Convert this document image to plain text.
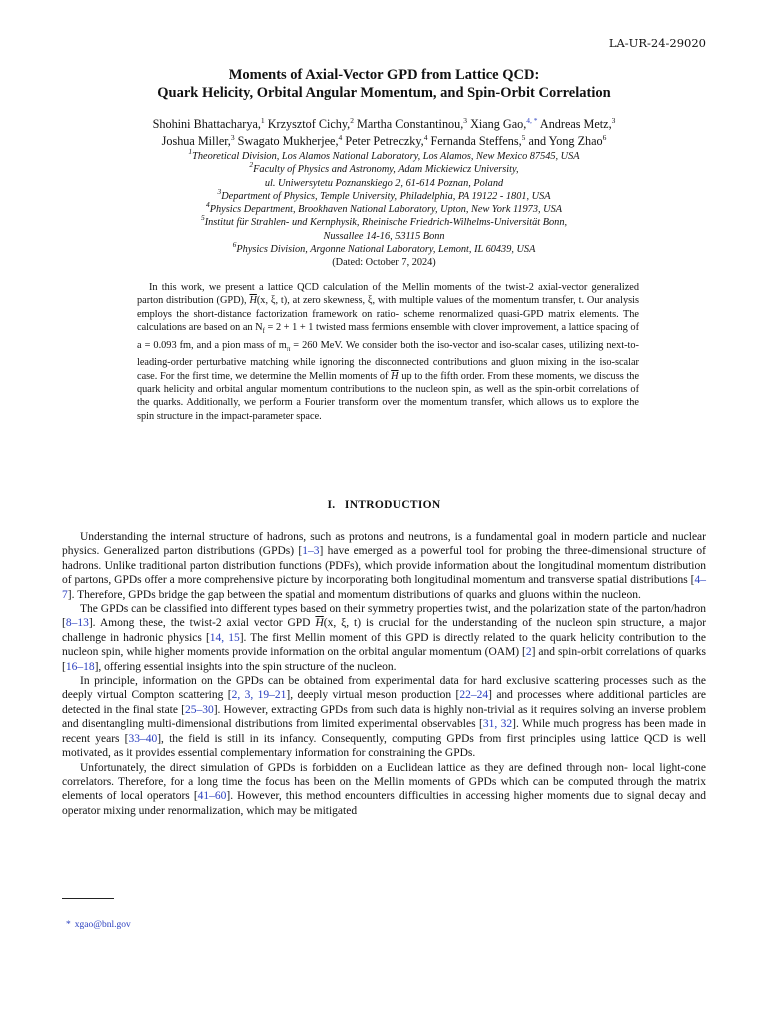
LA-UR-24-29020
Moments of Axial-Vector GPD from Lattice QCD:
Quark Helicity, Orbital Angular Momentum, and Spin-Orbit Correlation
Shohini Bhattacharya,$^1$ Krzysztof Cichy,$^2$ Martha Constantinou,$^3$ Xiang Gao,$^{4, *}$ Andreas Metz,$^3$
Joshua Miller,$^3$ Swagato Mukherjee,$^4$ Peter Petreczky,$^4$ Fernanda Steffens,$^5$ and Yong Zhao$^6$
$^1$Theoretical Division, Los Alamos National Laboratory, Los Alamos, New Mexico 87545, USA
$^2$Faculty of Physics and Astronomy, Adam Mickiewicz University,
ul. Uniwersytetu Poznanskiego 2, 61-614 Poznan, Poland
$^3$Department of Physics, Temple University, Philadelphia, PA 19122 - 1801, USA
$^4$Physics Department, Brookhaven National Laboratory, Upton, New York 11973, USA
$^5$Institut für Strahlen- und Kernphysik, Rheinische Friedrich-Wilhelms-Universität Bonn,
Nussallee 14-16, 53115 Bonn
$^6$Physics Division, Argonne National Laboratory, Lemont, IL 60439, USA
(Dated: October 7, 2024)

In this work, we present a lattice QCD calculation of the Mellin moments of the twist-2 axial-vector generalized parton distribution (GPD), $\overline{H}(x$, ξ, t), at zero skewness, ξ, with multiple values of the momentum transfer, t. Our analysis employs the short-distance factorization framework on ratio- scheme renormalized quasi-GPD matrix elements. The calculations are based on an $N_f = 2 + 1 + 1$ twisted mass fermions ensemble with clover improvement, a lattice spacing of a = 0.093 fm, and a pion mass of $m_\pi = 260$ MeV. We consider both the iso-vector and iso-scalar cases, utilizing next-to- leading-order perturbative matching while ignoring the disconnected contributions and gluon mixing in the iso-scalar case. For the first time, we determine the Mellin moments of $\overline{H}$ up to the fifth order. From these moments, we discuss the quark helicity and orbital angular momentum contributions to the nucleon spin, as well as the spin-orbit correlations of the quarks. Additionally, we perform a Fourier transform over the momentum transfer, which allows us to explore the spin structure in the impact-parameter space.

I. INTRODUCTION

Understanding the internal structure of hadrons, such as protons and neutrons, is a fundamental goal in modern particle and nuclear physics. Generalized parton distributions (GPDs) [1–3] have emerged as a powerful tool for probing the three-dimensional structure of hadrons. Unlike traditional parton distribution functions (PDFs), which provide information about the longitudinal momentum distribution of partons, GPDs offer a more comprehensive picture by incorporating both longitudinal momentum and transverse spatial distributions [4–7]. Therefore, GPDs bridge the gap between the spatial and momentum distributions of quarks and gluons within the nucleon.

The GPDs can be classified into different types based on their symmetry properties twist, and the polarization state of the parton/hadron [8–13]. Among these, the twist-2 axial vector GPD $\overline{H}(x$, ξ, t) is crucial for the understanding of the nucleon spin structure, a major challenge in hadronic physics [14, 15]. The first Mellin moment of this GPD is directly related to the quark helicity contribution to the nucleon spin, while higher moments provide information on the orbital angular momentum (OAM) [2] and spin-orbit correlations of quarks [16–18], offering essential insights into the spin structure of the nucleon.

In principle, information on the GPDs can be obtained from experimental data for hard exclusive scattering processes such as the deeply virtual Compton scattering [2, 3, 19–21], deeply virtual meson production [22–24] and processes where additional particles are detected in the final state [25–30]. However, extracting GPDs from such data is highly non-trivial as it requires solving an inverse problem and disentangling multi-dimensional distributions from limited experimental observables [31, 32]. While much progress has been made in recent years [33–40], the field is still in its infancy. Consequently, computing GPDs from first principles using lattice QCD is well motivated, as it provides essential complementary information for constraining the GPDs.

Unfortunately, the direct simulation of GPDs is forbidden on a Euclidean lattice as they are defined through non- local light-cone correlators. Therefore, for a long time the focus has been on the Mellin moments of GPDs which can be computed through the matrix elements of local operators [41–60]. However, this method encounters difficulties in accessing higher moments due to signal decay and operator mixing under renormalization, which may be mitigated

* xgao@bnl.gov
